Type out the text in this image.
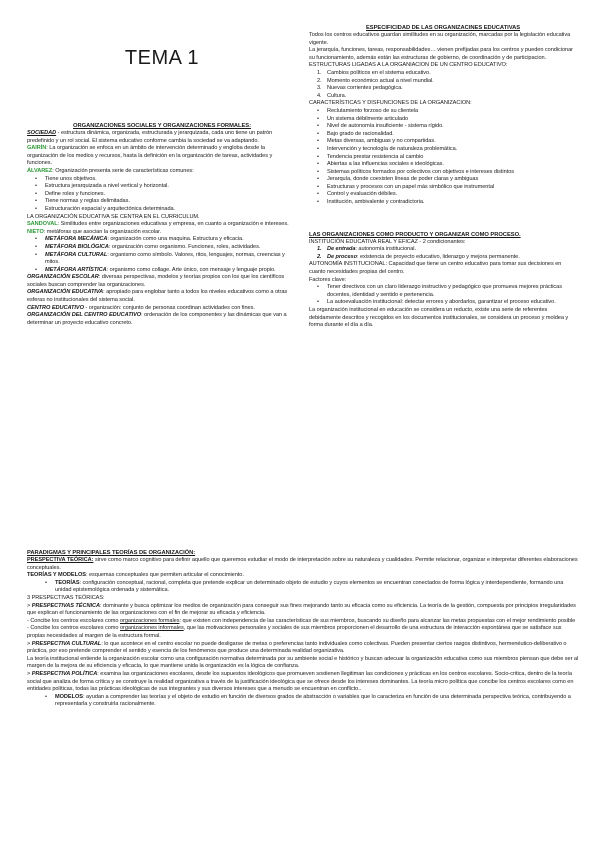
TEMA 1

ORGANIZACIONES SOCIALES Y ORGANIZACIONES FORMALES:

SOCIEDAD - estructura dinámica, organizada, estructurada y jerarquizada, cada uno tiene un patrón predefinido y un rol social. El sistema educativo conforme cambia la sociedad se va adaptando.

GAIRÍN: La organización se enfoca en un ámbito de intervención determinado y engloba desde la organización de los medios y recursos, hasta la definición en la organización de tareas, actividades y funciones.

ÁLVAREZ: Organización presenta serie de características comunes:

• Tiene unos objetivos.
• Estructura jerarquizada a nivel vertical y horizontal.
• Define roles y funciones.
• Tiene normas y reglas delimitadas.
• Estructuración espacial y arquitectónica determinada.

LA ORGANIZACIÓN EDUCATIVA SE CENTRA EN EL CURRICULUM.

SANDOVAL: Similitudes entre organizaciones educativas y empresa, en cuanto a organización e intereses.

NIETO: metáforas que asocian la organización escolar.

• METÁFORA MECÁNICA: organización como una maquina. Estructura y eficacia.
• METÁFORA BIOLÓGICA: organización como organismo. Funciones, roles, actividades.
• METÁFORA CULTURAL: organismo como símbolo. Valores, ritos, lenguajes, normas, creencias y mitos.
• METÁFORA ARTÍSTICA: organismo como collage. Arte único, con mensaje y lenguaje propio.

ORGANIZACIÓN ESCOLAR: diversas perspectivas, modelos y teorías propios con los que los científicos sociales buscan comprender las organizaciones.

ORGANIZACIÓN EDUCATIVA: apropiado para englobar tanto a todos los niveles educativos como a otras esferas no institucionales del sistema social.

CENTRO EDUCATIVO - organización: conjunto de personas coordinan actividades con fines.

ORGANIZACIÓN DEL CENTRO EDUCATIVO: ordenación de los componentes y las dinámicas que van a determinar un proyecto educativo concreto.

ESPECIFICIDAD DE LAS ORGANIZACINES EDUCATIVAS

Todos los centros educativos guardan similitudes en su organización, marcadas por la legislación educativa vigente.

La jerarquía, funciones, tareas, responsabilidades… vienen prefijadas para los centros y pueden condicionar su funcionamiento, además están las estructuras de gobierno, de coordinación y de participacion.

ESTRUCTURAS LIGADAS A LA ORGANIACION DE UN CENTRO EDUCATIVO:

1. Cambios políticos en el sistema educativo.
2. Momento económico actual a nivel mundial.
3. Nuevas corrientes pedagógica.
4. Cultura.

CARACTERÍSTICAS Y DISFUNCIONES DE LA ORGANIZACION:

• Reclutamiento forzoso de su clientela
• Un sistema débilmente articulado
• Nivel de autonomía insuficiente - sistema rígido.
• Bajo grado de racionalidad.
• Metas diversas, ambiguas y no compartidas.
• Intervención y tecnología de naturaleza problemática.
• Tendencia prestar resistencia al cambio
• Abiertas a las influencias sociales e ideológicas.
• Sistemas políticos formados por colectivos con objetivos e intereses distintos
• Jerarquía, donde coexisten líneas de poder claras y ambiguas
• Estructuras y procesos con un papel más simbólico que instrumental
• Control y evaluación débiles.
• Institución, ambivalente y contradictoria.

LAS ORGANIZACIONES COMO PRODUCTO Y ORGANIZAR COMO PROCESO.

INSTITUCIÓN EDUCATIVA REAL Y EFICAZ - 2 condicionantes:

1. De entrada: autonomía institucional.
2. De proceso: existencia de proyecto educativo, liderazgo y mejora permanente.

AUTONOMÍA INSTITUCIONAL: Capacidad que tiene un centro educativo para tomar sus decisiones en cuanto necesidades propias del centro.

Factores clave:

• Tener directivos con un claro liderazgo instructivo y pedagógico que promueva mejores prácticas docentes, identidad y sentido e pertenencia.
• La autoevaluación institucional: detectar errores y abordarlos, garantizar el proceso educativo.

La organización institucional en educación se considera un reducto, existe una serie de referentes debidamente descritos y recogidos en los documentos institucionales, se considera un proceso y moldea y forma durante el día a día.

PARADIGMAS Y PRINCIPALES TEORÍAS DE ORGANIZACIÓN:

PRESPECTIVA TEÓRICA: sirve como marco cognitivo para definir aquello que queremos estudiar el modo de interpretación sobre su naturaleza y cualidades. Permite relacionar, organizar e interpretar diferentes elaboraciones conceptuales.

TEORÍAS Y MODELOS: esquemas conceptuales que permiten articular el conocimiento.

• TEORÍAS: configuración conceptual, racional, completa que pretende explicar un determinado objeto de estudio y cuyos elementos se encuentran conectados de forma lógica y interdependiente, formando una unidad epistemológica ordenada y sistemática.

3 PRESPECTIVAS TEÓRICAS:

> PRESPECTIVAS TÉCNICA: dominante y busca optimizar los medios de organización para conseguir sus fines mejorando tanto su eficacia como su eficiencia. La teoría de la gestión, compuesta por principios irregularidades que explican el funcionamiento de las organizaciones con el fin de mejorar su eficacia y eficiencia.

- Concibe los centros escolares como organizaciones formales: que existen con independencia de las características de sus miembros, buscando su diseño para alcanzar las metas propuestas con el mejor rendimiento posible

- Concibe los centros escolares como organizaciones informales, que las motivaciones personales y sociales de sus miembros proporcionen el desarrollo de una estructura de interacción espontánea que se satisface sus propias necesidades al margen de la estructura formal.

> PRESPECTIVA CULTURAL: lo que acontece en el centro escolar no puede desligarse de metas o preferencias tanto individuales como colectivas. Pueden presentar ciertos rasgos distintivos, hermenéutico-deliberativo o práctica, por eso pretende comprender el sentido y esencia de los fenómenos que produce una determinada realidad organizativa.

La teoría institucional entiende la organización escolar como una configuración normativa determinada por su ambiente social e histórico y buscan adecuar la organización educativa como sus miembros piensan que debe ser al margen de la mejora de su eficiencia y eficacia, lo que mantiene unida la organización es la lógica de confianza.

> PRESPECTIVA POLÍTICA: examina las organizaciones escolares, desde los supuestos ideológicos que promueven sostienen llegitiman las condiciones y prácticas en los centros escolares. Socio-critica, dentro de la teoría social que analiza de forma crítica y se construye la realidad organizativa a través de la justificación ideológica que se ofrece desde los intereses dominantes. La teoría micro política que concibe los centros escolares como en entidades políticas, todas las prácticas ideológicas de sus integrantes y sus diversos intereses que a menudo se encuentran en conflicto..

• MODELOS: ayudan a comprender las teorías y el objeto de estudio en función de diversos grados de abstracción o variables que lo caracteriza en función de una determinada perspectiva teórica, contribuyendo a representarla y construirla racionalmente.
